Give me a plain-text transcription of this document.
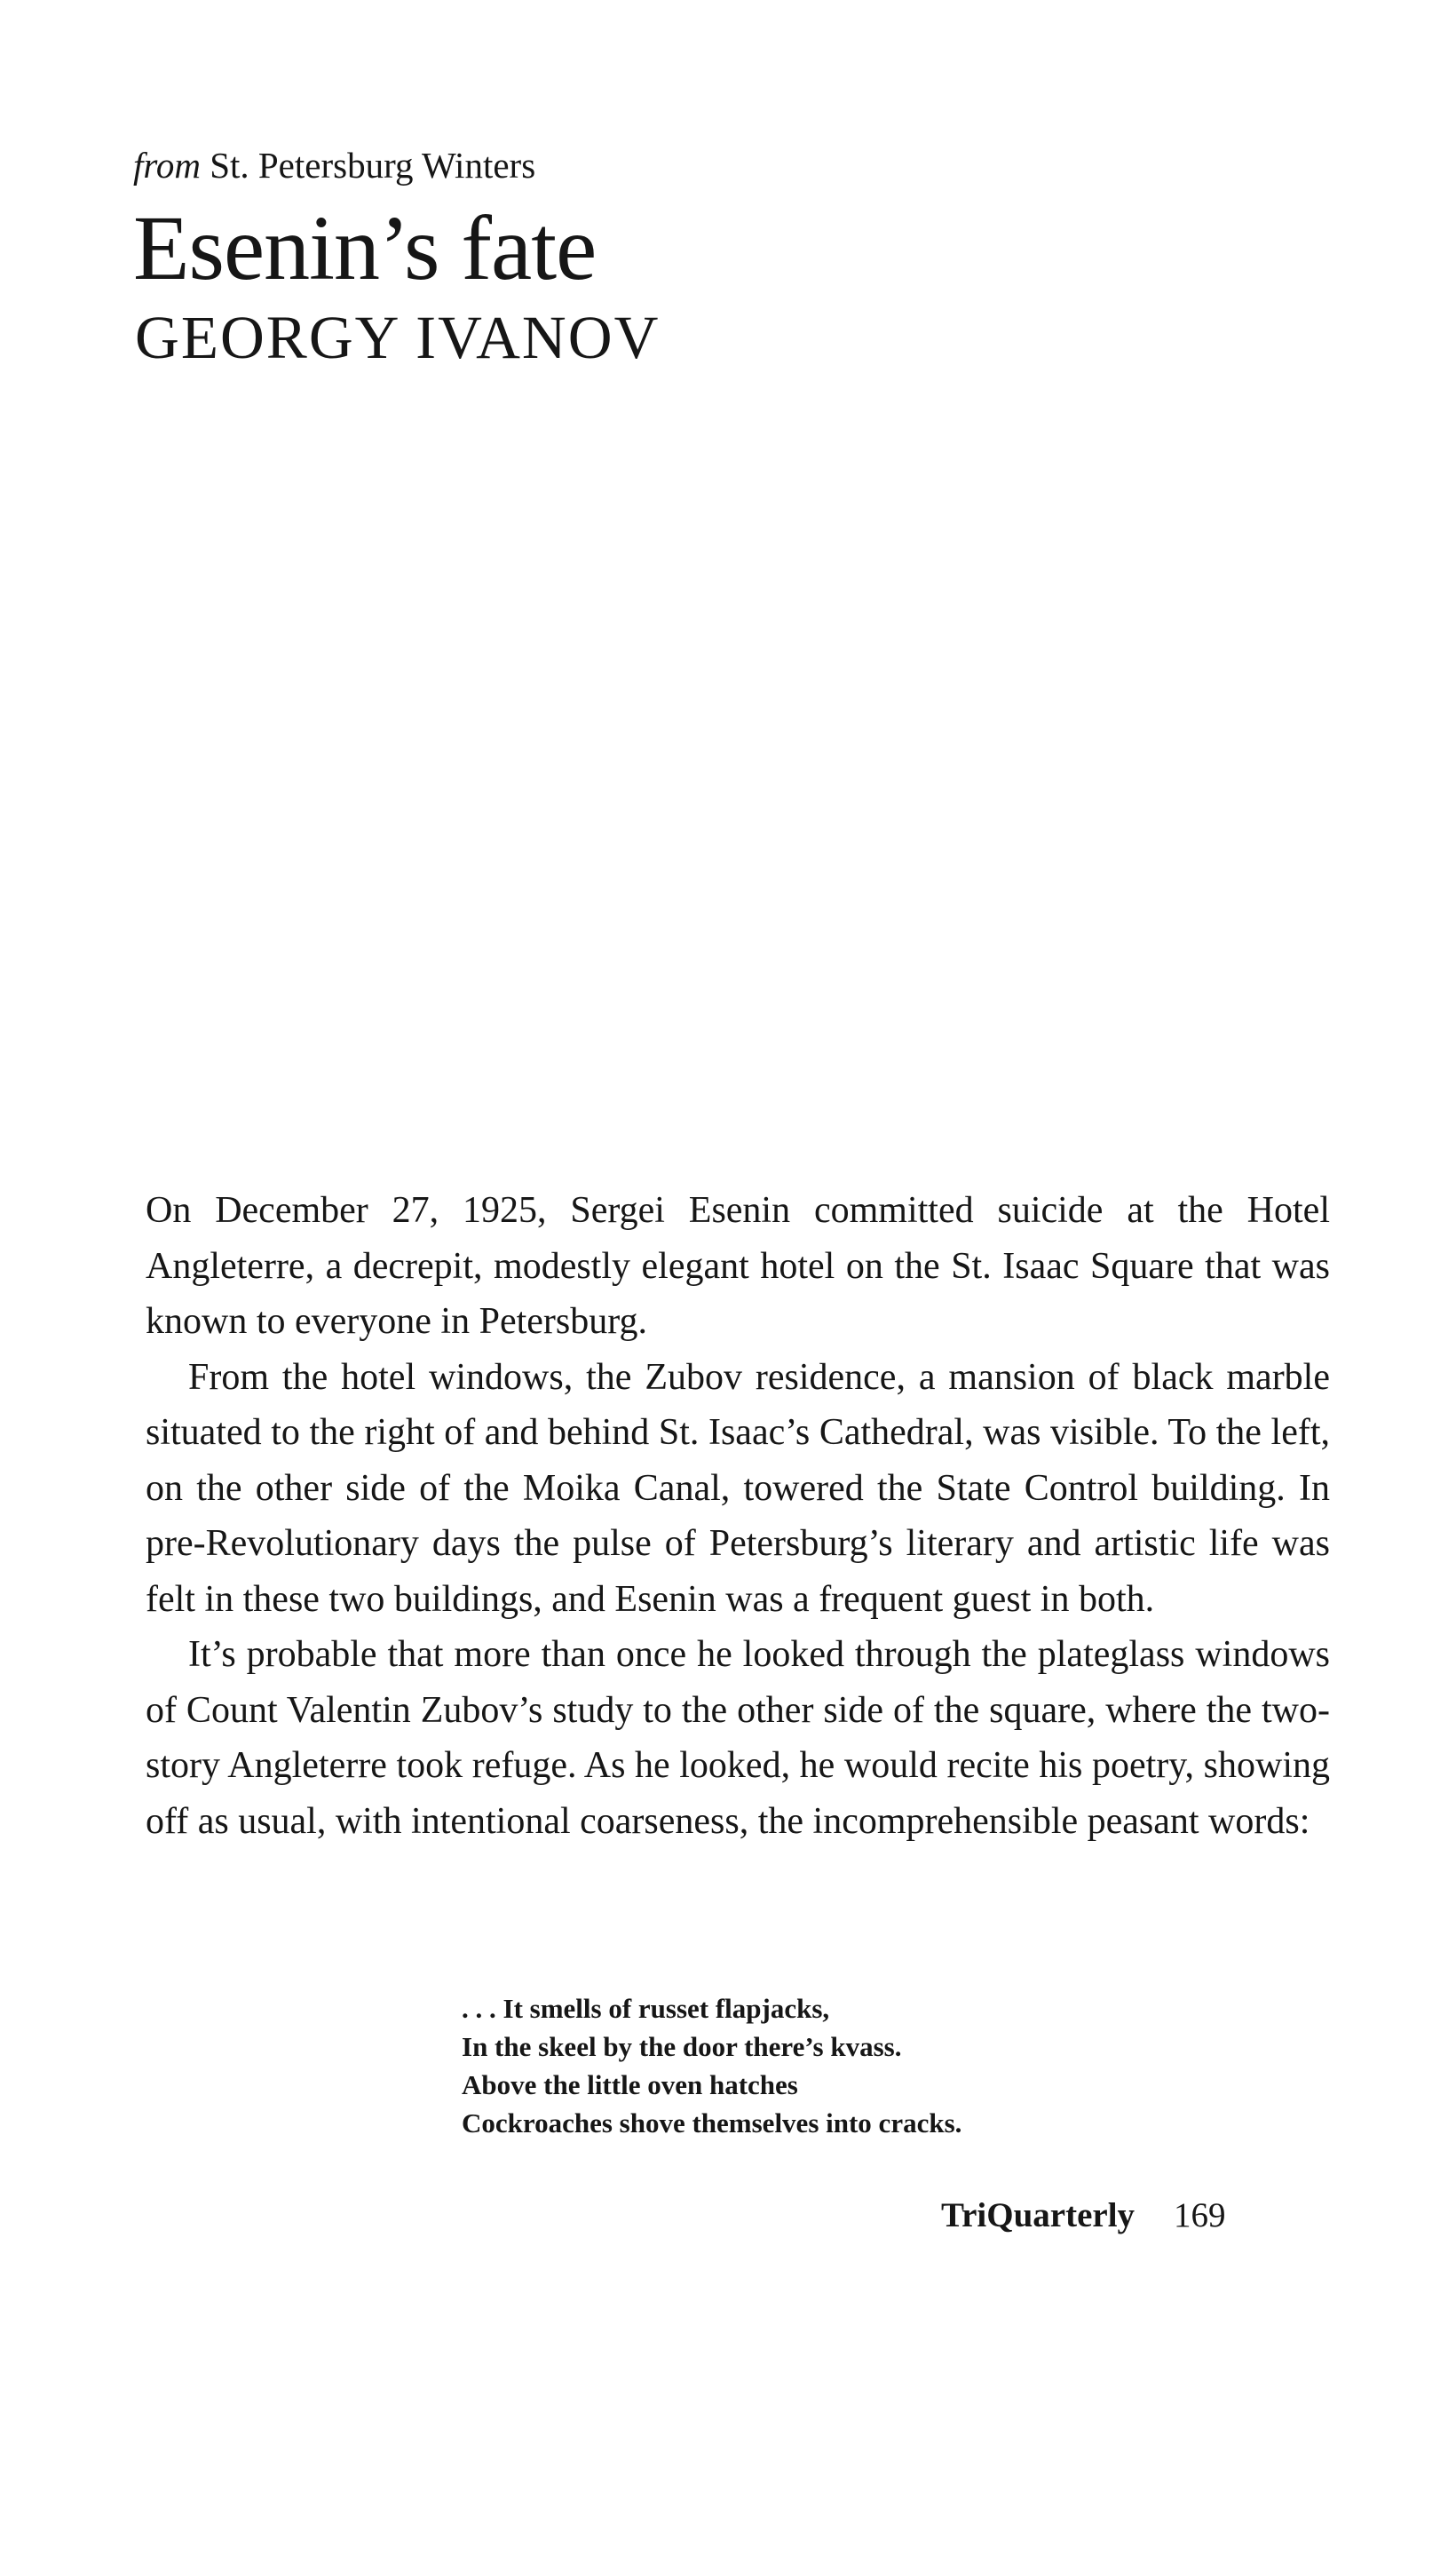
from St. Petersburg Winters

Esenin’s fate
GEORGY IVANOV

On December 27, 1925, Sergei Esenin committed suicide at the Hotel Angleterre, a decrepit, modestly elegant hotel on the St. Isaac Square that was known to everyone in Petersburg.

From the hotel windows, the Zubov residence, a mansion of black marble situated to the right of and behind St. Isaac’s Cathedral, was visible. To the left, on the other side of the Moika Canal, towered the State Control building. In pre-Revolutionary days the pulse of Petersburg’s literary and artistic life was felt in these two buildings, and Esenin was a frequent guest in both.

It’s probable that more than once he looked through the plateglass windows of Count Valentin Zubov’s study to the other side of the square, where the two-story Angleterre took refuge. As he looked, he would recite his poetry, showing off as usual, with intentional coarseness, the incomprehensible peasant words:

. . . It smells of russet flapjacks,
In the skeel by the door there’s kvass.
Above the little oven hatches
Cockroaches shove themselves into cracks.
TriQuarterly 169
